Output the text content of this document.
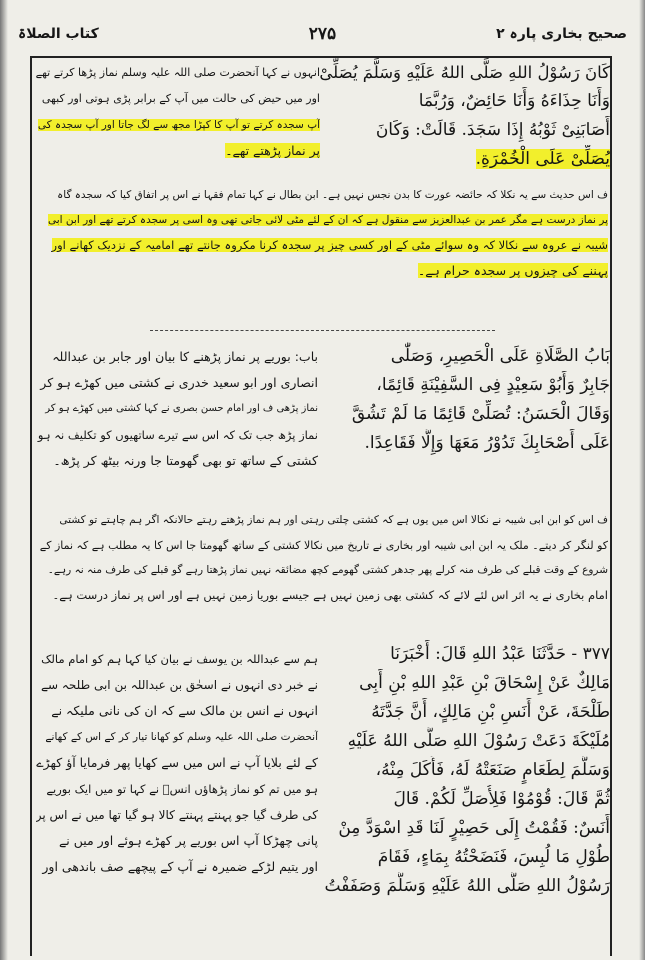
کتاب الصلاۃ	۲۷۵	صحیح بخاری پارہ ۲
كَانَ رَسُوْلُ اللهِ صَلَّى اللهُ عَلَيْهِ وَسَلَّمَ يُصَلِّىْ
وَأَنَا حِذَاءَهُ وَأَنَا حَائِضٌ، وَرُبَّمَا
أَصَابَنِىْ ثَوْبُهُ إِذَا سَجَدَ. قَالَتْ: وَكَانَ
يُصَلِّىْ عَلَى الْخُمْرَةِ.
انہوں نے کہا آنحضرت صلی اللہ علیہ وسلم نماز پڑھا کرتے تھے
اور میں حیض کی حالت میں آپ کے برابر پڑی ہوتی اور کبھی
آپ سجدہ کرتے تو آپ کا کپڑا مجھ سے لگ جاتا اور آپ سجدہ کی
پر نماز پڑھتے تھے۔
ف اس حدیث سے یہ نکلا کہ حائضہ عورت کا بدن نجس نہیں ہے۔ ابن بطال نے کہا تمام فقہا نے اس پر اتفاق کیا کہ سجدہ گاہ
پر نماز درست ہے مگر عمر بن عبدالعزیز سے منقول ہے کہ ان کے لئے مٹی لائی جاتی تھی وہ اسی پر سجدہ کرتے تھے اور ابن ابی
شیبہ نے عروہ سے نکالا کہ وہ سوائے مٹی کے اور کسی چیز پر سجدہ کرنا مکروہ جانتے تھے امامیہ کے نزدیک کھانے اور
پہننے کی چیزوں پر سجدہ حرام ہے۔
بَابُ الصَّلَاةِ عَلَى الْحَصِيرِ، وَصَلّٰى
جَابِرٌ وَأَبُوْ سَعِيْدٍ فِى السَّفِيْنَةِ قَائِمًا،
وَقَالَ الْحَسَنُ: تُصَلِّىْ قَائِمًا مَا لَمْ تَشُقَّ
عَلَى أَصْحَابِكَ تَدُوْرُ مَعَهَا وَإِلَّا فَقَاعِدًا.
باب: بوریے پر نماز پڑھنے کا بیان اور جابر بن عبداللہ
انصاری اور ابو سعید خدری نے کشتی میں کھڑے ہو کر
نماز پڑھی ف اور امام حسن بصری نے کہا کشتی میں کھڑے ہو کر
نماز پڑھ جب تک کہ اس سے تیرے ساتھیوں کو تکلیف نہ ہو
کشتی کے ساتھ تو بھی گھومتا جا ورنہ بیٹھ کر پڑھ۔
ف اس کو ابن ابی شیبہ نے نکالا اس میں یوں ہے کہ کشتی چلتی رہتی اور ہم نماز پڑھتے رہتے حالانکہ اگر ہم چاہتے تو کشتی
کو لنگر کر دیتے۔ ملک یہ ابن ابی شیبہ اور بخاری نے تاریخ میں نکالا کشتی کے ساتھ گھومتا جا اس کا یہ مطلب ہے کہ نماز کے
شروع کے وقت قبلے کی طرف منہ کرلے پھر جدھر کشتی گھومے کچھ مضائقہ نہیں نماز پڑھتا رہے گو قبلے کی طرف منہ نہ رہے۔
امام بخاری نے یہ اثر اس لئے لائے کہ کشتی بھی زمین نہیں ہے جیسے بوریا زمین نہیں ہے اور اس پر نماز درست ہے۔
٣٧٧ - حَدَّثَنَا عَبْدُ اللهِ قَالَ: أَخْبَرَنَا
مَالِكٌ عَنْ إِسْحَاقَ بْنِ عَبْدِ اللهِ بْنِ أَبِى
طَلْحَةَ، عَنْ أَنَسِ بْنِ مَالِكٍ، أَنَّ جَدَّتَهُ
مُلَيْكَةَ دَعَتْ رَسُوْلَ اللهِ صَلَّى اللهُ عَلَيْهِ
وَسَلَّمَ لِطَعَامٍ صَنَعَتْهُ لَهُ، فَأَكَلَ مِنْهُ،
ثُمَّ قَالَ: قُوْمُوْا فَلِأُصَلِّ لَكُمْ. قَالَ
أَنَسٌ: فَقُمْتُ إِلَى حَصِيْرٍ لَنَا قَدِ اسْوَدَّ مِنْ
طُوْلِ مَا لُبِسَ، فَنَضَحْتُهُ بِمَاءٍ، فَقَامَ
رَسُوْلُ اللهِ صَلَّى اللهُ عَلَيْهِ وَسَلَّمَ وَصَفَفْتُ
ہم سے عبداللہ بن یوسف نے بیان کیا کہا ہم کو امام مالک
نے خبر دی انہوں نے اسحٰق بن عبداللہ بن ابی طلحہ سے
انہوں نے انس بن مالک سے کہ ان کی نانی ملیکہ نے
آنحضرت صلی اللہ علیہ وسلم کو کھانا تیار کر کے اس کے کھانے
کے لئے بلایا آپ نے اس میں سے کھایا پھر فرمایا آؤ کھڑے
ہو میں تم کو نماز پڑھاؤں انسؓ نے کہا تو میں ایک بوریے
کی طرف گیا جو پہنتے پہنتے کالا ہو گیا تھا میں نے اس پر
پانی چھڑکا آپ اس بوریے پر کھڑے ہوئے اور میں نے
اور یتیم لڑکے ضمیرہ نے آپ کے پیچھے صف باندھی اور
